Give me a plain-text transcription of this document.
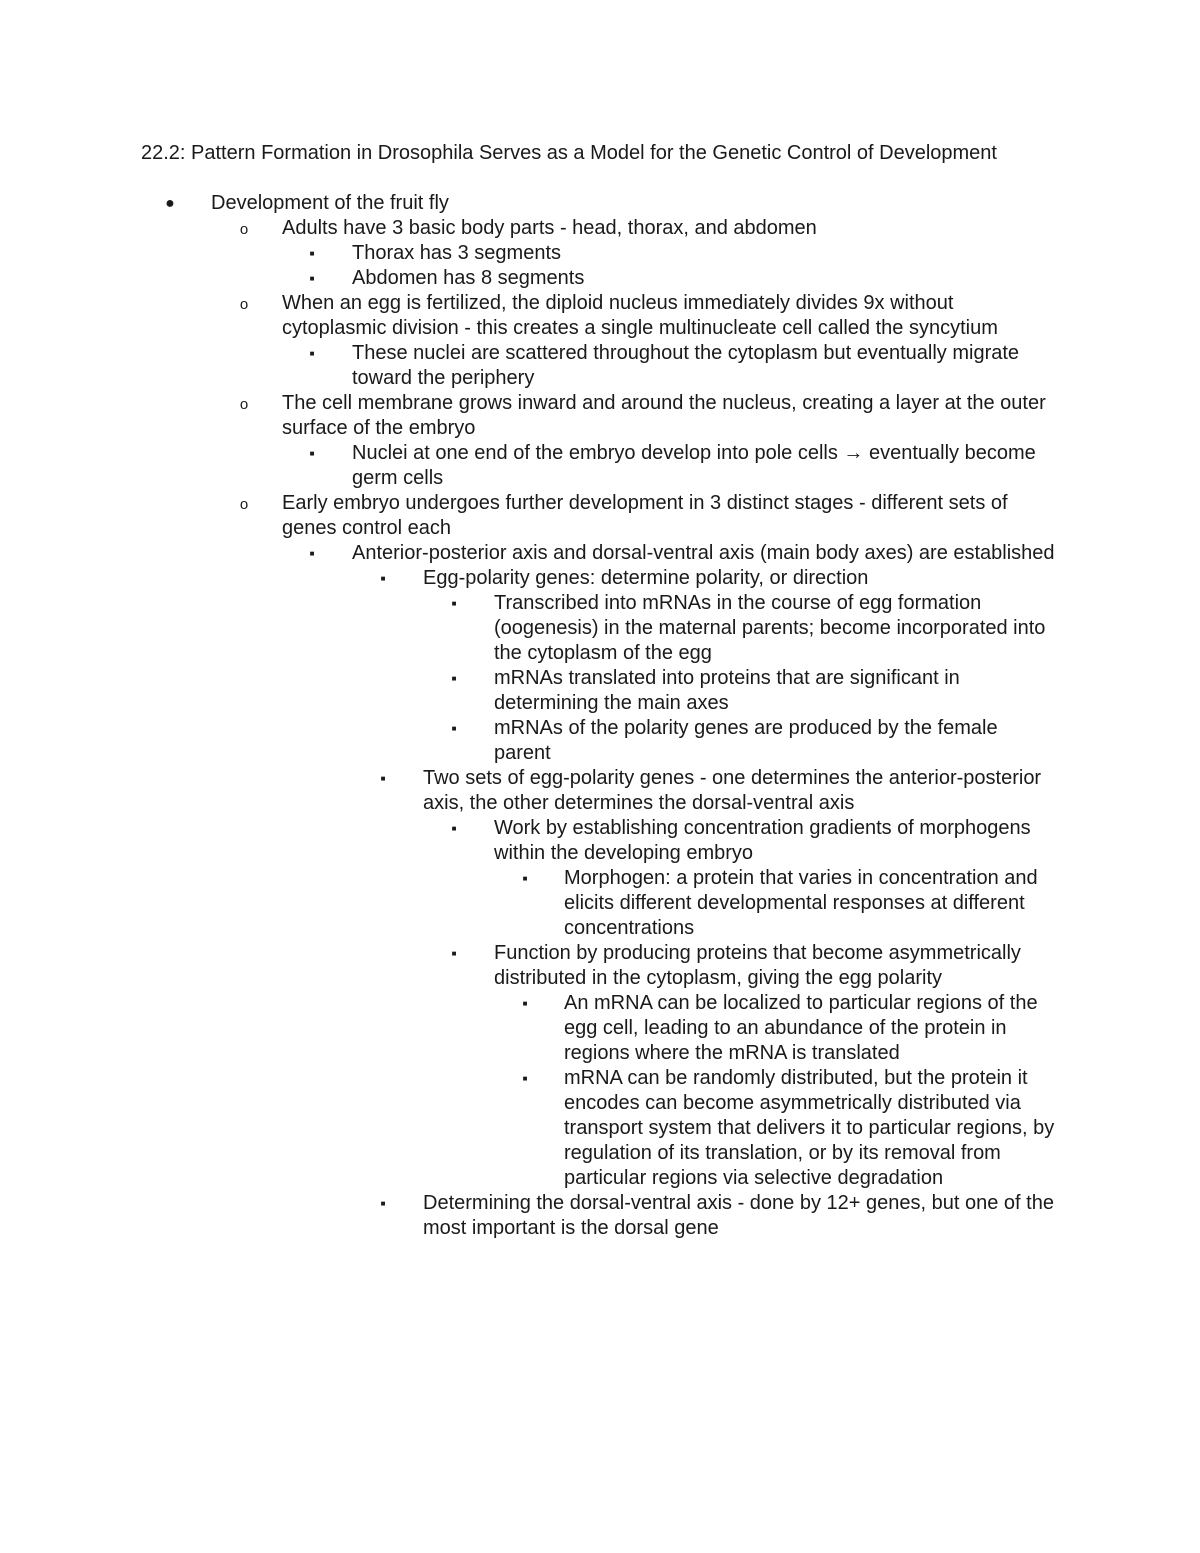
22.2: Pattern Formation in Drosophila Serves as a Model for the Genetic Control of Development
● Development of the fruit fly
o Adults have 3 basic body parts - head, thorax, and abdomen
■	Thorax has 3 segments
■	Abdomen has 8 segments
o When an egg is fertilized, the diploid nucleus immediately divides 9x without cytoplasmic division - this creates a single multinucleate cell called the syncytium
■	These nuclei are scattered throughout the cytoplasm but eventually migrate toward the periphery
o The cell membrane grows inward and around the nucleus, creating a layer at the outer surface of the embryo
■	Nuclei at one end of the embryo develop into pole cells → eventually become germ cells
o Early embryo undergoes further development in 3 distinct stages - different sets of genes control each
■	Anterior-posterior axis and dorsal-ventral axis (main body axes) are established
■	Egg-polarity genes: determine polarity, or direction
■	Transcribed into mRNAs in the course of egg formation (oogenesis) in the maternal parents; become incorporated into the cytoplasm of the egg
■	mRNAs translated into proteins that are significant in determining the main axes
■	mRNAs of the polarity genes are produced by the female parent
■	Two sets of egg-polarity genes - one determines the anterior-posterior axis, the other determines the dorsal-ventral axis
■	Work by establishing concentration gradients of morphogens within the developing embryo
■	Morphogen: a protein that varies in concentration and elicits different developmental responses at different concentrations
■	Function by producing proteins that become asymmetrically distributed in the cytoplasm, giving the egg polarity
■	An mRNA can be localized to particular regions of the egg cell, leading to an abundance of the protein in regions where the mRNA is translated
■	mRNA can be randomly distributed, but the protein it encodes can become asymmetrically distributed via transport system that delivers it to particular regions, by regulation of its translation, or by its removal from particular regions via selective degradation
■	Determining the dorsal-ventral axis - done by 12+ genes, but one of the most important is the dorsal gene
